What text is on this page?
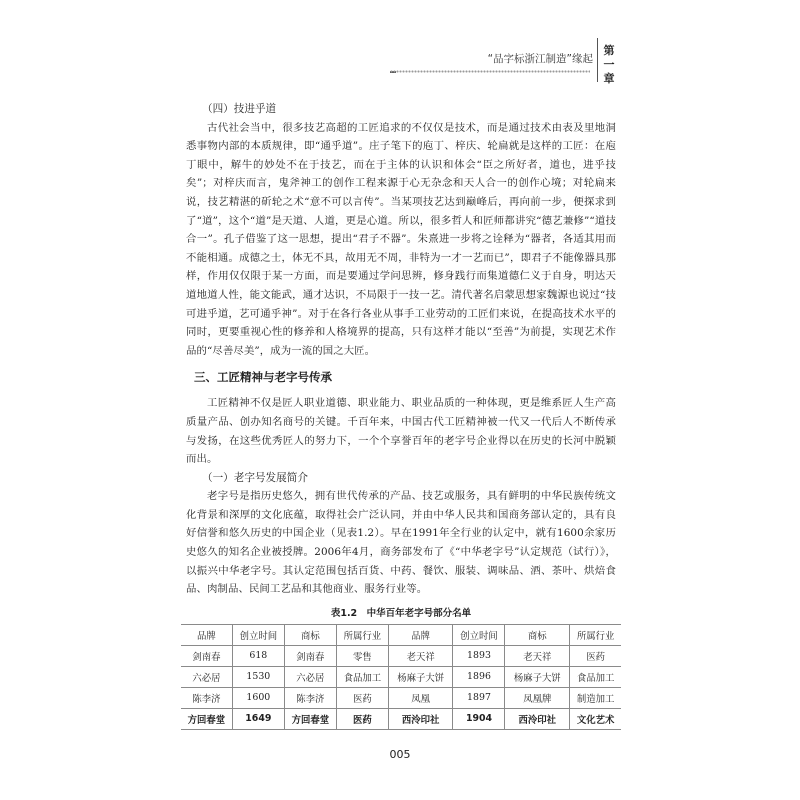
“品字标浙江制造”缘起
第
一
章
（四）技进乎道

古代社会当中，很多技艺高超的工匠追求的不仅仅是技术，而是通过技术由表及里地洞悉事物内部的本质规律，即“通乎道”。庄子笔下的庖丁、梓庆、轮扁就是这样的工匠：在庖丁眼中，解牛的妙处不在于技艺，而在于主体的认识和体会“臣之所好者，道也，进乎技矣”；对梓庆而言，鬼斧神工的创作工程来源于心无杂念和天人合一的创作心境；对轮扁来说，技艺精湛的斫轮之术“意不可以言传”。当某项技艺达到巅峰后，再向前一步，便探求到了“道”，这个“道”是天道、人道，更是心道。所以，很多哲人和匠师都讲究“德艺兼修”“道技合一”。孔子借鉴了这一思想，提出“君子不器”。朱熹进一步将之诠释为“器者，各适其用而不能相通。成德之士，体无不具，故用无不周，非特为一才一艺而已”，即君子不能像器具那样，作用仅仅限于某一方面，而是要通过学问思辨，修身践行而集道德仁义于自身，明达天道地道人性，能文能武，通才达识，不局限于一技一艺。清代著名启蒙思想家魏源也说过“技可进乎道，艺可通乎神”。对于在各行各业从事手工业劳动的工匠们来说，在提高技术水平的同时，更要重视心性的修养和人格境界的提高，只有这样才能以“至善”为前提，实现艺术作品的“尽善尽美”，成为一流的国之大匠。

三、工匠精神与老字号传承

工匠精神不仅是匠人职业道德、职业能力、职业品质的一种体现，更是维系匠人生产高质量产品、创办知名商号的关键。千百年来，中国古代工匠精神被一代又一代后人不断传承与发扬，在这些优秀匠人的努力下，一个个享誉百年的老字号企业得以在历史的长河中脱颖而出。

（一）老字号发展简介

老字号是指历史悠久，拥有世代传承的产品、技艺或服务，具有鲜明的中华民族传统文化背景和深厚的文化底蕴，取得社会广泛认同，并由中华人民共和国商务部认定的，具有良好信誉和悠久历史的中国企业（见表1.2）。早在1991年全行业的认定中，就有1600余家历史悠久的知名企业被授牌。2006年4月，商务部发布了《“中华老字号”认定规范（试行）》，以振兴中华老字号。其认定范围包括百货、中药、餐饮、服装、调味品、酒、茶叶、烘焙食品、肉制品、民间工艺品和其他商业、服务行业等。

表1.2　中华百年老字号部分名单
品牌	创立时间	商标	所属行业	品牌	创立时间	商标	所属行业
剑南春	618	剑南春	零售	老天祥	1893	老天祥	医药
六必居	1530	六必居	食品加工	杨麻子大饼	1896	杨麻子大饼	食品加工
陈李济	1600	陈李济	医药	凤凰	1897	凤凰牌	制造加工
方回春堂	1649	方回春堂	医药	西泠印社	1904	西泠印社	文化艺术
005
